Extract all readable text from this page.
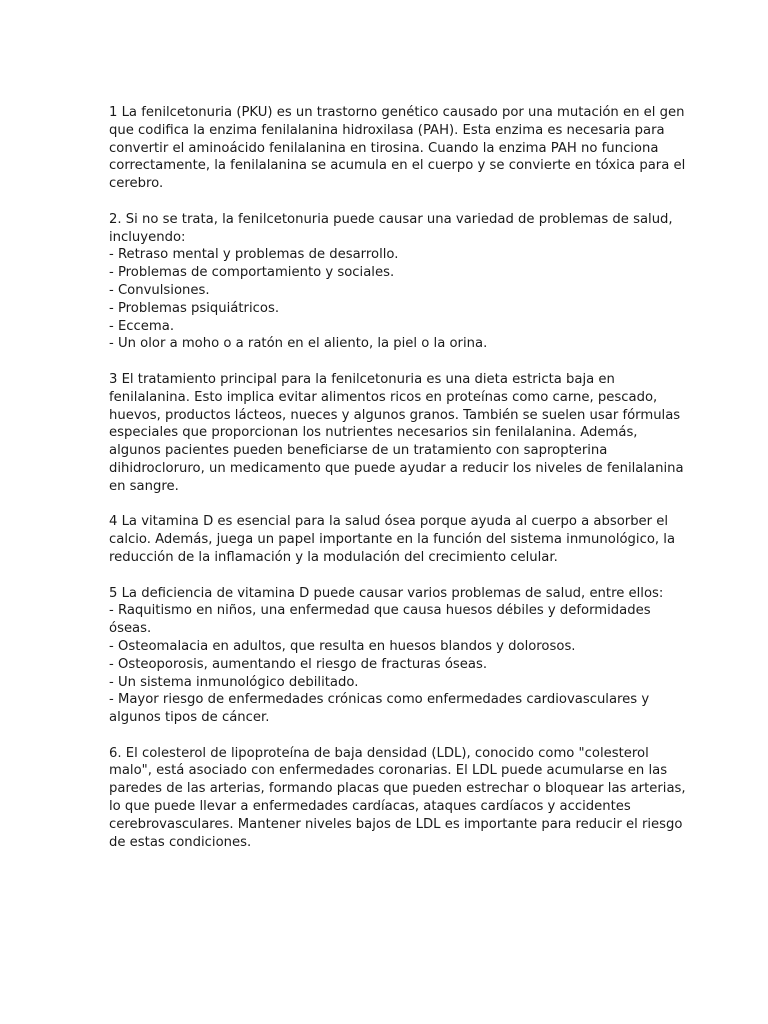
1 La fenilcetonuria (PKU) es un trastorno genético causado por una mutación en el gen
que codifica la enzima fenilalanina hidroxilasa (PAH). Esta enzima es necesaria para
convertir el aminoácido fenilalanina en tirosina. Cuando la enzima PAH no funciona
correctamente, la fenilalanina se acumula en el cuerpo y se convierte en tóxica para el
cerebro.

2. Si no se trata, la fenilcetonuria puede causar una variedad de problemas de salud,
incluyendo:
- Retraso mental y problemas de desarrollo.
- Problemas de comportamiento y sociales.
- Convulsiones.
- Problemas psiquiátricos.
- Eccema.
- Un olor a moho o a ratón en el aliento, la piel o la orina.

3 El tratamiento principal para la fenilcetonuria es una dieta estricta baja en
fenilalanina. Esto implica evitar alimentos ricos en proteínas como carne, pescado,
huevos, productos lácteos, nueces y algunos granos. También se suelen usar fórmulas
especiales que proporcionan los nutrientes necesarios sin fenilalanina. Además,
algunos pacientes pueden beneficiarse de un tratamiento con sapropterina
dihidrocloruro, un medicamento que puede ayudar a reducir los niveles de fenilalanina
en sangre.

4 La vitamina D es esencial para la salud ósea porque ayuda al cuerpo a absorber el
calcio. Además, juega un papel importante en la función del sistema inmunológico, la
reducción de la inflamación y la modulación del crecimiento celular.

5 La deficiencia de vitamina D puede causar varios problemas de salud, entre ellos:
- Raquitismo en niños, una enfermedad que causa huesos débiles y deformidades
óseas.
- Osteomalacia en adultos, que resulta en huesos blandos y dolorosos.
- Osteoporosis, aumentando el riesgo de fracturas óseas.
- Un sistema inmunológico debilitado.
- Mayor riesgo de enfermedades crónicas como enfermedades cardiovasculares y
algunos tipos de cáncer.

6. El colesterol de lipoproteína de baja densidad (LDL), conocido como "colesterol
malo", está asociado con enfermedades coronarias. El LDL puede acumularse en las
paredes de las arterias, formando placas que pueden estrechar o bloquear las arterias,
lo que puede llevar a enfermedades cardíacas, ataques cardíacos y accidentes
cerebrovasculares. Mantener niveles bajos de LDL es importante para reducir el riesgo
de estas condiciones.
